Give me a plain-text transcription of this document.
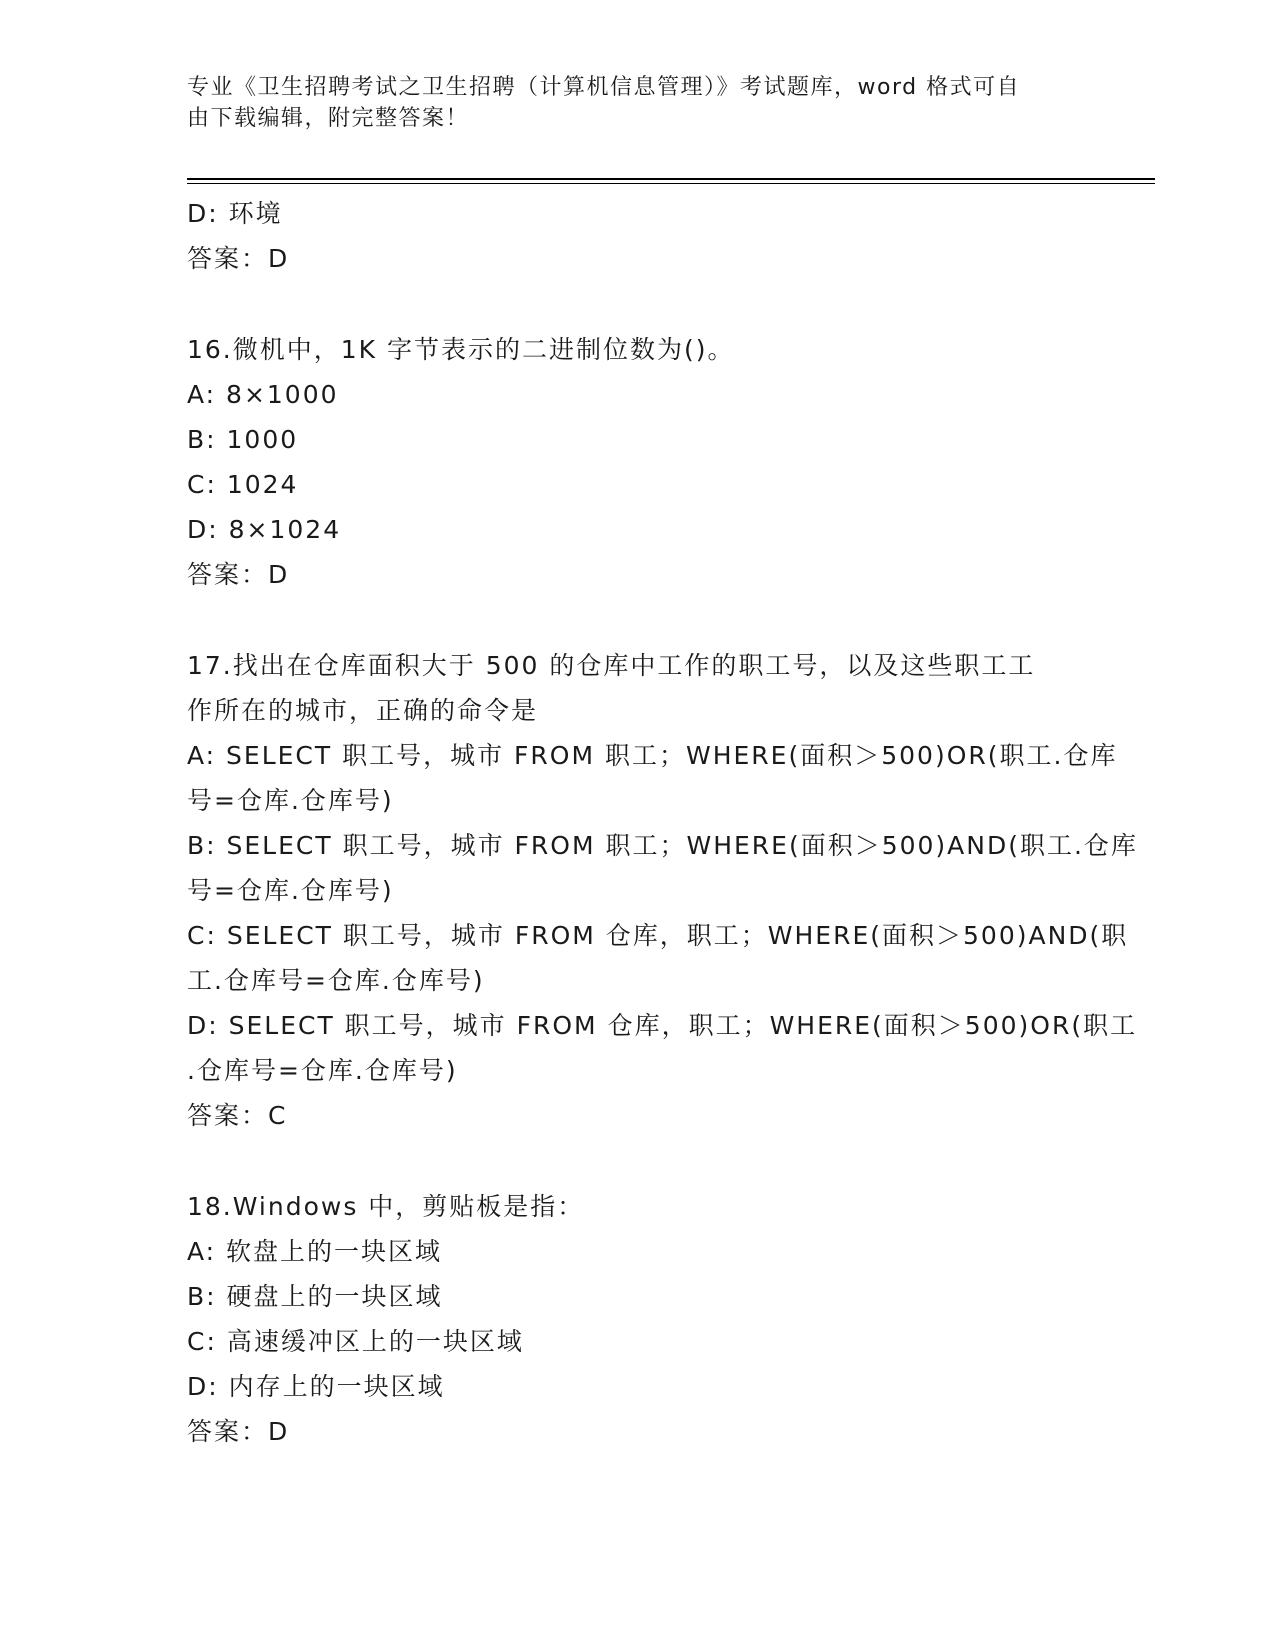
专业《卫生招聘考试之卫生招聘（计算机信息管理）》考试题库，word 格式可自
由下载编辑，附完整答案！
D: 环境
答案：D
16.微机中，1K 字节表示的二进制位数为()。
A: 8×1000
B: 1000
C: 1024
D: 8×1024
答案：D
17.找出在仓库面积大于 500 的仓库中工作的职工号，以及这些职工工
作所在的城市，正确的命令是
A: SELECT 职工号，城市 FROM 职工；WHERE(面积＞500)OR(职工.仓库
号=仓库.仓库号)
B: SELECT 职工号，城市 FROM 职工；WHERE(面积＞500)AND(职工.仓库
号=仓库.仓库号)
C: SELECT 职工号，城市 FROM 仓库，职工；WHERE(面积＞500)AND(职
工.仓库号=仓库.仓库号)
D: SELECT 职工号，城市 FROM 仓库，职工；WHERE(面积＞500)OR(职工
.仓库号=仓库.仓库号)
答案：C
18.Windows 中，剪贴板是指：
A: 软盘上的一块区域
B: 硬盘上的一块区域
C: 高速缓冲区上的一块区域
D: 内存上的一块区域
答案：D
